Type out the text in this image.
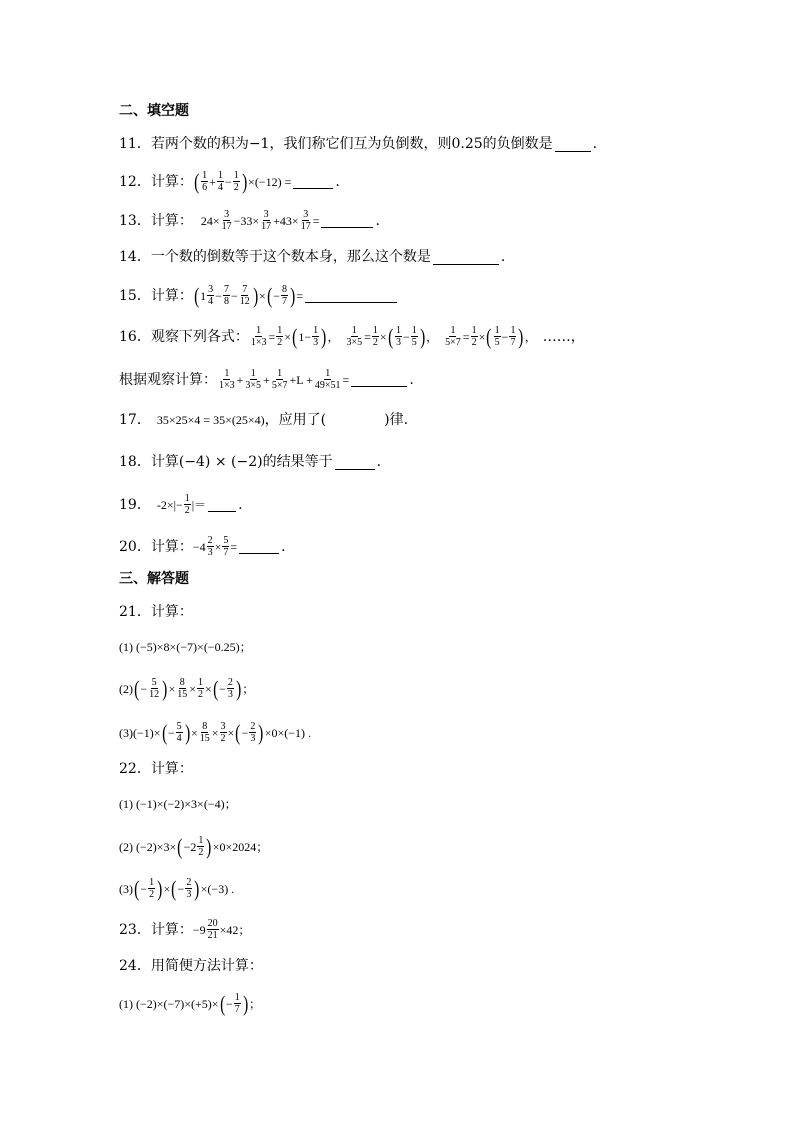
二、填空题
11． 若两个数的积为−1，我们称它们互为负倒数，则0.25的负倒数是	.
12． 计算： ( $\frac{1}{6} + \frac{1}{4} - \frac{1}{2}$ ) ×(−12) =	.
13． 计算： $24\times \frac{3}{17} -33\times \frac{3}{17} +43\times \frac{3}{17}$ =	.
14． 一个数的倒数等于这个数本身，那么这个数是	.
15． 计算： ( $1 \frac{3}{4} - \frac{7}{8} - \frac{7}{12}$ ) × ( − $\frac{8}{7}$ ) =
16． 观察下列各式： $\frac{1}{1\times 3} = \frac{1}{2}$ × ( $1- \frac{1}{3}$ ) ， $\frac{1}{3\times 5} = \frac{1}{2}$ × ( $\frac{1}{3} - \frac{1}{5}$ ) ， $\frac{1}{5\times 7} = \frac{1}{2}$ × ( $\frac{1}{5} - \frac{1}{7}$ ) ， ……，
根据观察计算： $\frac{1}{1\times 3} + \frac{1}{3\times 5} + \frac{1}{5\times 7} +L + \frac{1}{49\times 51}$ =	.
17． 35×25×4 = 35×(25×4) ，应用了(	)律.
18． 计算(−4) × (−2)的结果等于	.
19． $-2\times|- \frac{1}{2}$ |＝ .
20． 计算： $-4 \frac{2}{3} \times \frac{5}{7}$ =	.
三、解答题
21． 计算：
(1) (−5)×8×(−7)×(−0.25)；
(2) ( − $\frac{5}{12}$ ) × $\frac{8}{15} \times \frac{1}{2}$ × ( − $\frac{2}{3}$ ) ；
(3) (−1)× ( − $\frac{5}{4}$ ) × $\frac{8}{15} \times \frac{3}{2}$ × ( − $\frac{2}{3}$ ) ×0×(−1) .
22． 计算：
(1) (−1)×(−2)×3×(−4)；
(2) (−2)×3× ( $-2 \frac{1}{2}$ ) ×0×2024；
(3) ( − $\frac{1}{2}$ ) × ( − $\frac{2}{3}$ ) ×(−3) .
23． 计算： $-9 \frac{20}{21} \times 42$；
24． 用简便方法计算：
(1) (−2)×(−7)×(+5)× ( − $\frac{1}{7}$ ) ；
